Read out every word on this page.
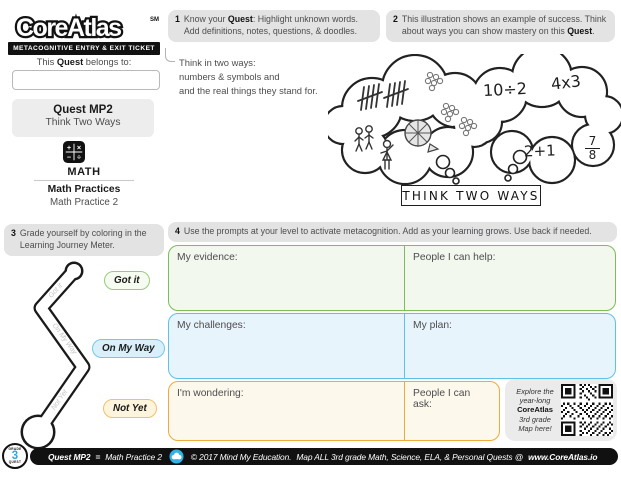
CoreAtlas	SM
METACOGNITIVE ENTRY & EXIT TICKET
This Quest belongs to:
Quest MP2
Think Two Ways
+ ×
− ÷
MATH
Math Practices
Math Practice 2
1 Know your Quest: Highlight unknown words. Add definitions, notes, questions, & doodles.
Think in two ways:
numbers & symbols and
and the real things they stand for.
2 This illustration shows an example of success. Think about ways you can show mastery on this Quest.
10÷2 4x3
$2+1 \frac{7}{8}$
THINK TWO WAYS
3 Grade yourself by coloring in the Learning Journey Meter.
Got it
On My Way
Not Yet
Got it
On My Way
Not Yet
4 Use the prompts at your level to activate metacognition. Add as your learning grows. Use back if needed.
My evidence:	People I can help:
My challenges:	My plan:
I'm wondering:	People I can ask:
Explore the
year-long
CoreAtlas
3rd grade
Map here!
Quest MP2 = Math Practice 2	© 2017 Mind My Education. Map ALL 3rd grade Math, Science, ELA, & Personal Quests @ www.CoreAtlas.io
GRADE
3
QUEST
